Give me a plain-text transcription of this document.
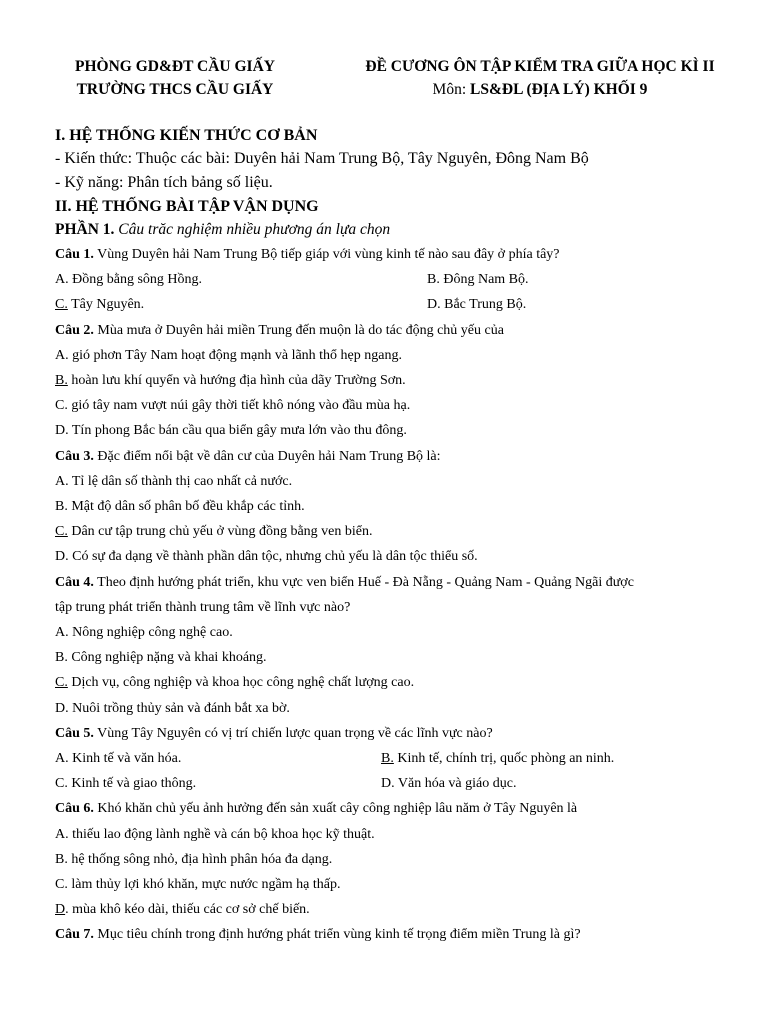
PHÒNG GD&ĐT CẦU GIẤY
TRƯỜNG THCS CẦU GIẤY
ĐỀ CƯƠNG ÔN TẬP KIỂM TRA GIỮA HỌC KÌ II
Môn: LS&ĐL (ĐỊA LÝ) KHỐI 9
I. HỆ THỐNG KIẾN THỨC CƠ BẢN
- Kiến thức: Thuộc các bài: Duyên hải Nam Trung Bộ, Tây Nguyên, Đông Nam Bộ
- Kỹ năng: Phân tích bảng số liệu.
II. HỆ THỐNG BÀI TẬP VẬN DỤNG
PHẦN 1. Câu trăc nghiệm nhiều phương án lựa chọn
Câu 1. Vùng Duyên hải Nam Trung Bộ tiếp giáp với vùng kinh tế nào sau đây ở phía tây?
A. Đồng bằng sông Hồng.	B. Đông Nam Bộ.
C. Tây Nguyên.	D. Bắc Trung Bộ.
Câu 2. Mùa mưa ở Duyên hải miền Trung đến muộn là do tác động chủ yếu của
A. gió phơn Tây Nam hoạt động mạnh và lãnh thổ hẹp ngang.
B. hoàn lưu khí quyển và hướng địa hình của dãy Trường Sơn.
C. gió tây nam vượt núi gây thời tiết khô nóng vào đầu mùa hạ.
D. Tín phong Bắc bán cầu qua biển gây mưa lớn vào thu đông.
Câu 3. Đặc điểm nổi bật về dân cư của Duyên hải Nam Trung Bộ là:
A. Tỉ lệ dân số thành thị cao nhất cả nước.
B. Mật độ dân số phân bố đều khắp các tỉnh.
C. Dân cư tập trung chủ yếu ở vùng đồng bằng ven biển.
D. Có sự đa dạng về thành phần dân tộc, nhưng chủ yếu là dân tộc thiểu số.
Câu 4. Theo định hướng phát triển, khu vực ven biển Huế - Đà Nẵng - Quảng Nam - Quảng Ngãi được
tập trung phát triển thành trung tâm về lĩnh vực nào?
A. Nông nghiệp công nghệ cao.
B. Công nghiệp nặng và khai khoáng.
C. Dịch vụ, công nghiệp và khoa học công nghệ chất lượng cao.
D. Nuôi trồng thủy sản và đánh bắt xa bờ.
Câu 5. Vùng Tây Nguyên có vị trí chiến lược quan trọng về các lĩnh vực nào?
A. Kinh tế và văn hóa.	B. Kinh tế, chính trị, quốc phòng an ninh.
C. Kinh tế và giao thông.	D. Văn hóa và giáo dục.
Câu 6. Khó khăn chủ yếu ảnh hưởng đến sản xuất cây công nghiệp lâu năm ở Tây Nguyên là
A. thiếu lao động lành nghề và cán bộ khoa học kỹ thuật.
B. hệ thống sông nhỏ, địa hình phân hóa đa dạng.
C. làm thủy lợi khó khăn, mực nước ngầm hạ thấp.
D. mùa khô kéo dài, thiếu các cơ sở chế biến.
Câu 7. Mục tiêu chính trong định hướng phát triển vùng kinh tế trọng điểm miền Trung là gì?
